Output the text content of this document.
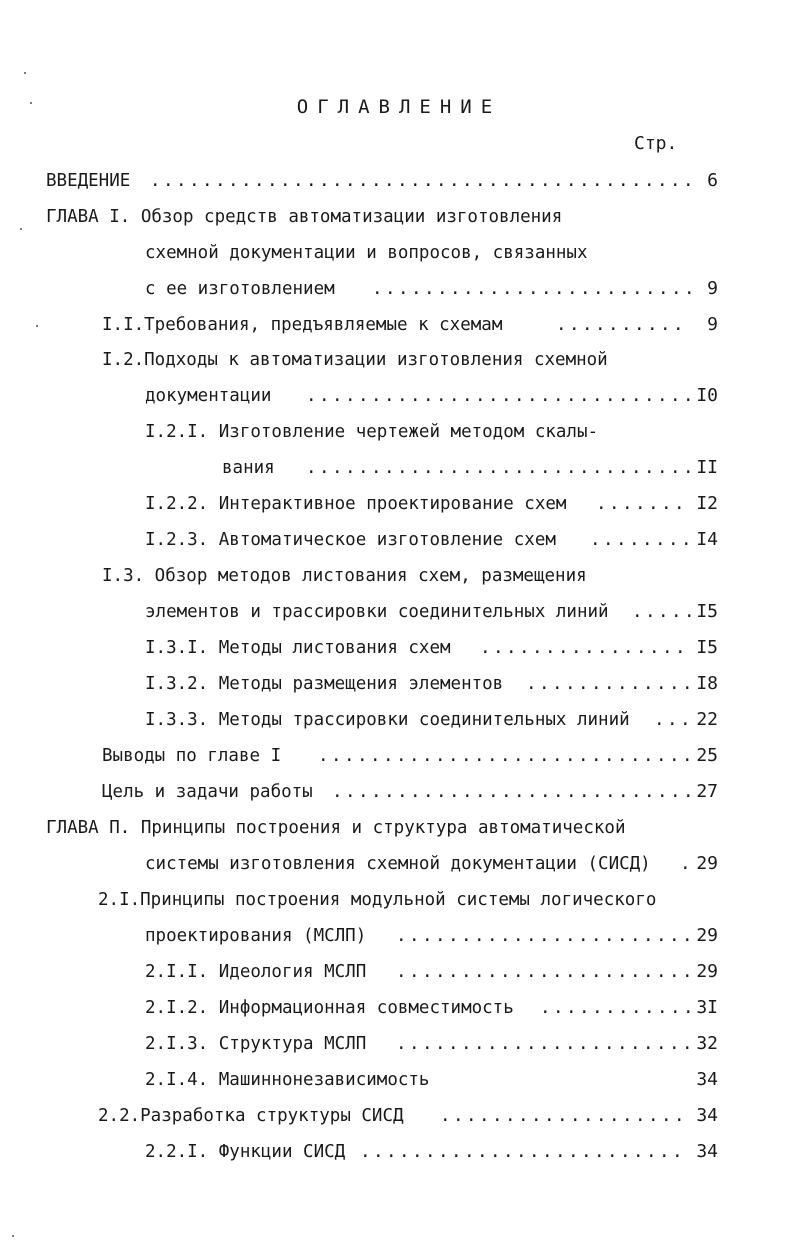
ОГЛАВЛЕНИЕ
Стр.
ВВЕДЕНИЕ . . . . . . . . . . . . . . . . . . . . . . . . . . . . . . . . . . . . . . . . . . 6
ГЛАВА I. Обзор средств автоматизации изготовления
схемной документации и вопросов, связанных
с ее изготовлением . . . . . . . . . . . . . . . . . . . . . . . . . 9
I.I.Требования, предъявляемые к схемам	. . . . . . . . . . 9
I.2.Подходы к автоматизации изготовления схемной
документации . . . . . . . . . . . . . . . . . . . . . . . . . . . . . . I0
I.2.I. Изготовление чертежей методом скалы-
вания . . . . . . . . . . . . . . . . . . . . . . . . . . . . . . II
I.2.2. Интерактивное проектирование схем . . . . . . . I2
I.2.3. Автоматическое изготовление схем . . . . . . . . I4
I.3. Обзор методов листования схем, размещения
элементов и трассировки соединительных линий . . . . . I5
I.3.I. Методы листования схем . . . . . . . . . . . . . . . . I5
I.3.2. Методы размещения элементов . . . . . . . . . . . . . I8
I.3.3. Методы трассировки соединительных линий . . . 22
Выводы по главе I . . . . . . . . . . . . . . . . . . . . . . . . . . . . . 25
Цель и задачи работы . . . . . . . . . . . . . . . . . . . . . . . . . . . . 27
ГЛАВА П. Принципы построения и структура автоматической
системы изготовления схемной документации (СИСД) . 29
2.I.Принципы построения модульной системы логического
проектирования (МСЛП) . . . . . . . . . . . . . . . . . . . . . . . 29
2.I.I. Идеология МСЛП . . . . . . . . . . . . . . . . . . . . . . . 29
2.I.2. Информационная совместимость . . . . . . . . . . . . 3I
2.I.3. Структура МСЛП . . . . . . . . . . . . . . . . . . . . . . . 32
2.I.4. Машиннонезависимость	34
2.2.Разработка структуры СИСД . . . . . . . . . . . . . . . . . . . 34
2.2.I. Функции СИСД . . . . . . . . . . . . . . . . . . . . . . . . . 34
